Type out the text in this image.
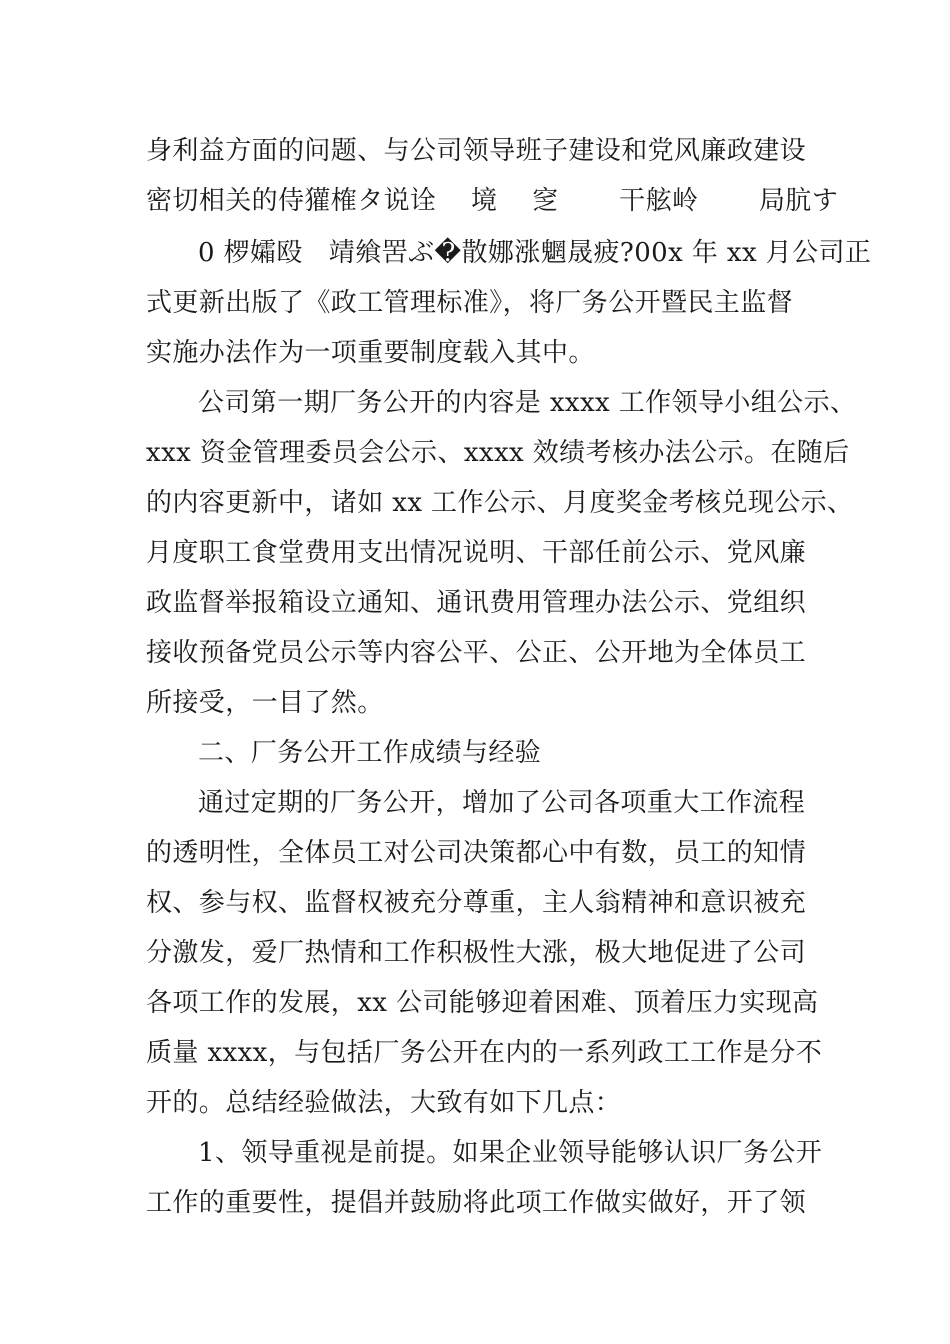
身利益方面的问题、与公司领导班子建设和党风廉政建设
密切相关的侍獾榷タ说诠    境    窆       干舷岭       局肮す
0 椤孀殴   靖飨罟ぶ�散娜涨魍晟疲?00x 年 xx 月公司正
式更新出版了《政工管理标准》，将厂务公开暨民主监督
实施办法作为一项重要制度载入其中。
公司第一期厂务公开的内容是 xxxx 工作领导小组公示、
xxx 资金管理委员会公示、xxxx 效绩考核办法公示。在随后
的内容更新中，诸如 xx 工作公示、月度奖金考核兑现公示、
月度职工食堂费用支出情况说明、干部任前公示、党风廉
政监督举报箱设立通知、通讯费用管理办法公示、党组织
接收预备党员公示等内容公平、公正、公开地为全体员工
所接受，一目了然。
二、厂务公开工作成绩与经验
通过定期的厂务公开，增加了公司各项重大工作流程
的透明性，全体员工对公司决策都心中有数，员工的知情
权、参与权、监督权被充分尊重，主人翁精神和意识被充
分激发，爱厂热情和工作积极性大涨，极大地促进了公司
各项工作的发展，xx 公司能够迎着困难、顶着压力实现高
质量 xxxx，与包括厂务公开在内的一系列政工工作是分不
开的。总结经验做法，大致有如下几点：
1、领导重视是前提。如果企业领导能够认识厂务公开
工作的重要性，提倡并鼓励将此项工作做实做好，开了领
